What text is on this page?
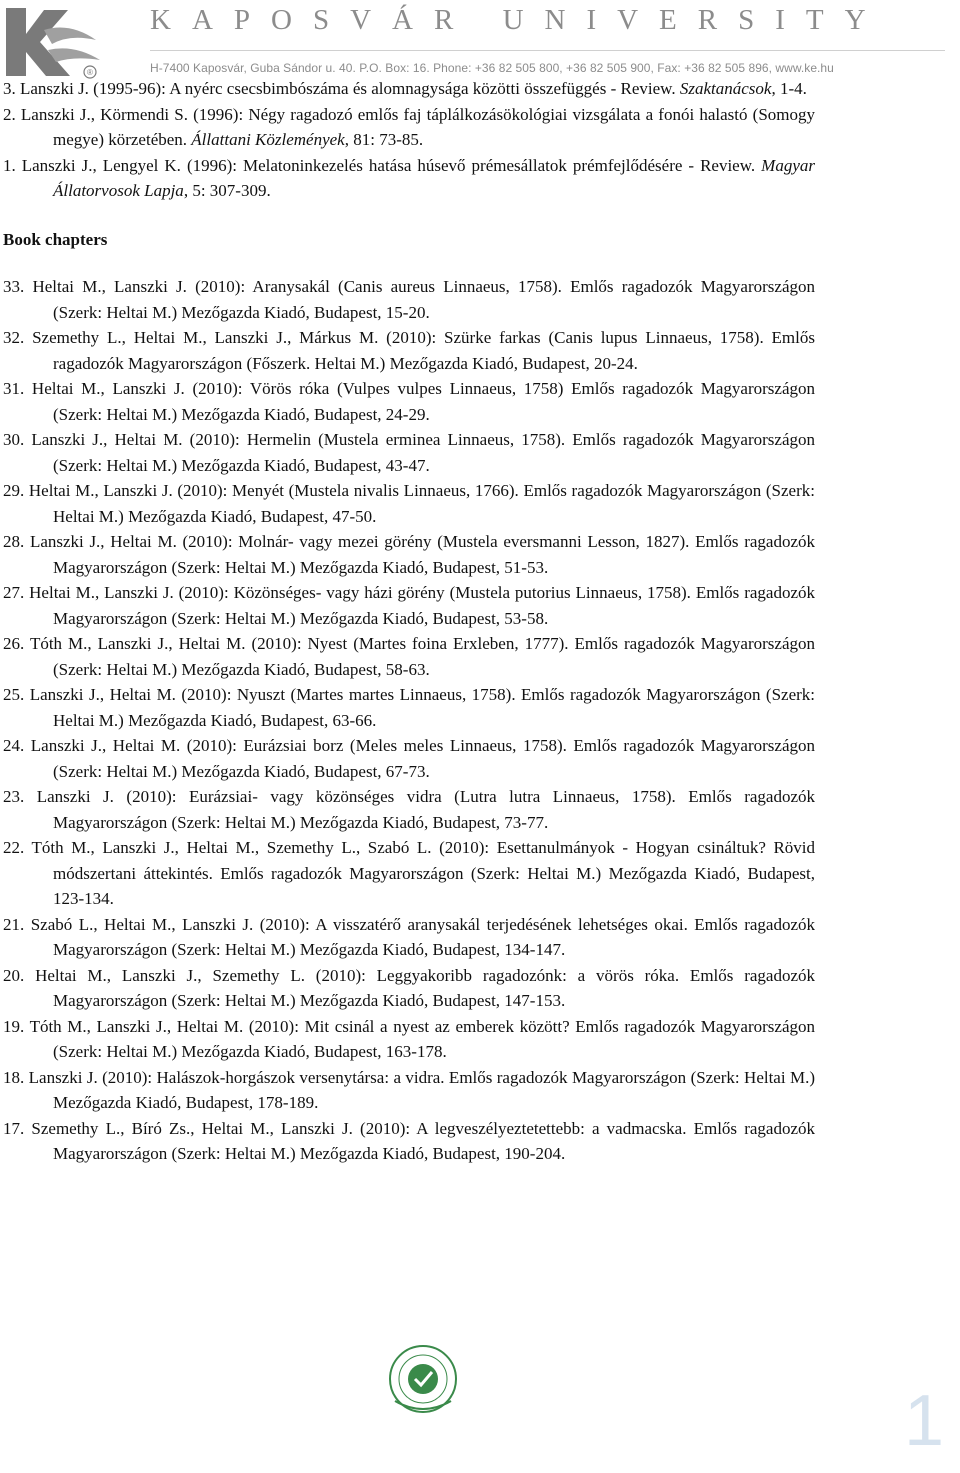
®
KAPOSVÁR UNIVERSITY
H-7400 Kaposvár, Guba Sándor u. 40. P.O. Box: 16. Phone: +36 82 505 800, +36 82 505 900, Fax: +36 82 505 896, www.ke.hu

3. Lanszki J. (1995-96): A nyérc csecsbimbószáma és alomnagysága közötti összefüggés - Review. Szaktanácsok, 1-4.

2. Lanszki J., Körmendi S. (1996): Négy ragadozó emlős faj táplálkozásökológiai vizsgálata a fonói halastó (Somogy megye) körzetében. Állattani Közlemények, 81: 73-85.

1. Lanszki J., Lengyel K. (1996): Melatoninkezelés hatása húsevő prémesállatok prémfejlődésére - Review. Magyar Állatorvosok Lapja, 5: 307-309.

Book chapters

33. Heltai M., Lanszki J. (2010): Aranysakál (Canis aureus Linnaeus, 1758). Emlős ragadozók Magyarországon (Szerk: Heltai M.) Mezőgazda Kiadó, Budapest, 15-20.

32. Szemethy L., Heltai M., Lanszki J., Márkus M. (2010): Szürke farkas (Canis lupus Linnaeus, 1758). Emlős ragadozók Magyarországon (Főszerk. Heltai M.) Mezőgazda Kiadó, Budapest, 20-24.

31. Heltai M., Lanszki J. (2010): Vörös róka (Vulpes vulpes Linnaeus, 1758) Emlős ragadozók Magyarországon (Szerk: Heltai M.) Mezőgazda Kiadó, Budapest, 24-29.

30. Lanszki J., Heltai M. (2010): Hermelin (Mustela erminea Linnaeus, 1758). Emlős ragadozók Magyarországon (Szerk: Heltai M.) Mezőgazda Kiadó, Budapest, 43-47.

29. Heltai M., Lanszki J. (2010): Menyét (Mustela nivalis Linnaeus, 1766). Emlős ragadozók Magyarországon (Szerk: Heltai M.) Mezőgazda Kiadó, Budapest, 47-50.

28. Lanszki J., Heltai M. (2010): Molnár- vagy mezei görény (Mustela eversmanni Lesson, 1827). Emlős ragadozók Magyarországon (Szerk: Heltai M.) Mezőgazda Kiadó, Budapest, 51-53.

27. Heltai M., Lanszki J. (2010): Közönséges- vagy házi görény (Mustela putorius Linnaeus, 1758). Emlős ragadozók Magyarországon (Szerk: Heltai M.) Mezőgazda Kiadó, Budapest, 53-58.

26. Tóth M., Lanszki J., Heltai M. (2010): Nyest (Martes foina Erxleben, 1777). Emlős ragadozók Magyarországon (Szerk: Heltai M.) Mezőgazda Kiadó, Budapest, 58-63.

25. Lanszki J., Heltai M. (2010): Nyuszt (Martes martes Linnaeus, 1758). Emlős ragadozók Magyarországon (Szerk: Heltai M.) Mezőgazda Kiadó, Budapest, 63-66.

24. Lanszki J., Heltai M. (2010): Eurázsiai borz (Meles meles Linnaeus, 1758). Emlős ragadozók Magyarországon (Szerk: Heltai M.) Mezőgazda Kiadó, Budapest, 67-73.

23. Lanszki J. (2010): Eurázsiai- vagy közönséges vidra (Lutra lutra Linnaeus, 1758). Emlős ragadozók Magyarországon (Szerk: Heltai M.) Mezőgazda Kiadó, Budapest, 73-77.

22. Tóth M., Lanszki J., Heltai M., Szemethy L., Szabó L. (2010): Esettanulmányok - Hogyan csináltuk? Rövid módszertani áttekintés. Emlős ragadozók Magyarországon (Szerk: Heltai M.) Mezőgazda Kiadó, Budapest, 123-134.

21. Szabó L., Heltai M., Lanszki J. (2010): A visszatérő aranysakál terjedésének lehetséges okai. Emlős ragadozók Magyarországon (Szerk: Heltai M.) Mezőgazda Kiadó, Budapest, 134-147.

20. Heltai M., Lanszki J., Szemethy L. (2010): Leggyakoribb ragadozónk: a vörös róka. Emlős ragadozók Magyarországon (Szerk: Heltai M.) Mezőgazda Kiadó, Budapest, 147-153.

19. Tóth M., Lanszki J., Heltai M. (2010): Mit csinál a nyest az emberek között? Emlős ragadozók Magyarországon (Szerk: Heltai M.) Mezőgazda Kiadó, Budapest, 163-178.

18. Lanszki J. (2010): Halászok-horgászok versenytársa: a vidra. Emlős ragadozók Magyarországon (Szerk: Heltai M.) Mezőgazda Kiadó, Budapest, 178-189.

17. Szemethy L., Bíró Zs., Heltai M., Lanszki J. (2010): A legveszélyeztetettebb: a vadmacska. Emlős ragadozók Magyarországon (Szerk: Heltai M.) Mezőgazda Kiadó, Budapest, 190-204.

1
